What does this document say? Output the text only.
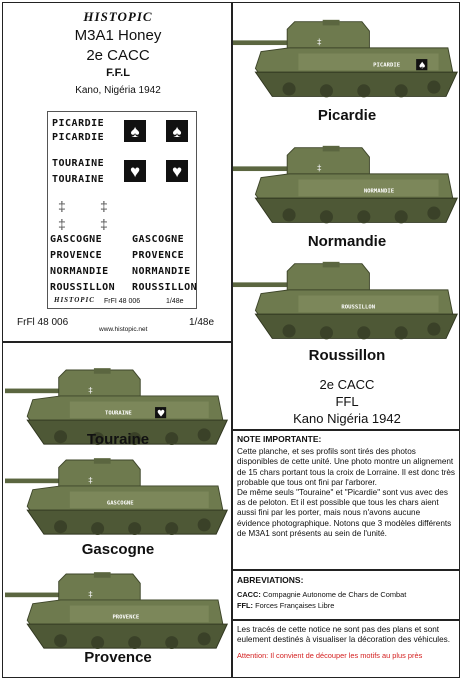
HISTOPIC
M3A1 Honey
2e CACC
F.F.L
Kano, Nigéria 1942
PICARDIE
PICARDIE	♠	♠
TOURAINE
TOURAINE	♥	♥
‡ ‡
‡ ‡
GASCOGNE	GASCOGNE
PROVENCE	PROVENCE
NORMANDIE NORMANDIE
ROUSSILLON ROUSSILLON
HISTOPIC FrFI 48 006	1/48e
FrFl 48 006
www.histopic.net
1/48e
‡
PICARDIE ♠
Picardie
‡
NORMANDIE
Normandie
ROUSSILLON
Roussillon
2e CACC
FFL
Kano Nigéria 1942
‡
TOURAINE	♥
Touraine
‡
GASCOGNE
Gascogne
‡
PROVENCE
Provence
NOTE IMPORTANTE:
Cette planche, et ses profils sont tirés des photos disponibles de cette unité. Une photo montre un alignement de 15 chars portant tous la croix de Lorraine. Il est donc très probable que tous ont fini par l'arborer.
De même seuls "Touraine" et "Picardie" sont vus avec des as de peloton. Et il est possible que tous les chars aient aussi fini par les porter, mais nous n'avons aucune évidence photographique. Notons que 3 modèles différents de M3A1 sont présents au sein de l'unité.
ABREVIATIONS:
CACC: Compagnie Autonome de Chars de Combat
FFL: Forces Françaises Libre
Les tracés de cette notice ne sont pas des plans et sont eulement destinés à visualiser la décoration des véhicules.
Attention: Il convient de découper les motifs au plus près
